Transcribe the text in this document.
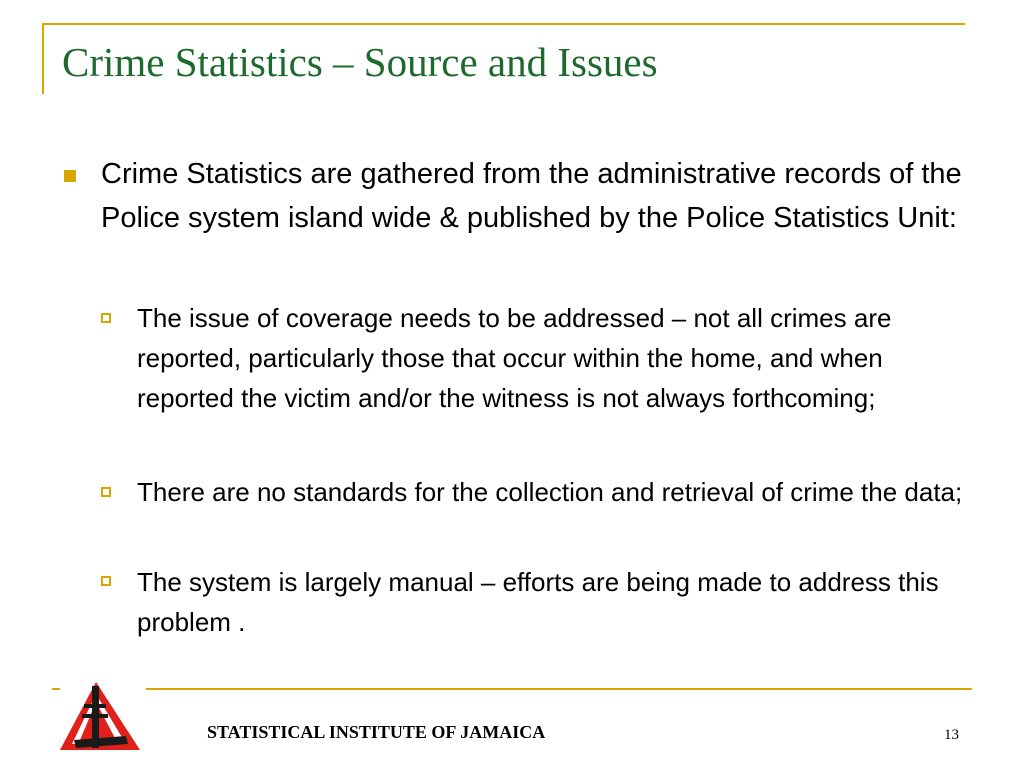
Crime Statistics – Source and Issues
Crime Statistics are gathered from the administrative records of the Police system island wide & published by the Police Statistics Unit:
The issue of coverage needs to be addressed – not all crimes are reported, particularly those that occur within the home, and when reported the victim and/or the witness is not always forthcoming;
There are no standards for the collection and retrieval of crime the data;
The system is largely manual – efforts are being made to address this problem .
STATISTICAL INSTITUTE OF JAMAICA	13
